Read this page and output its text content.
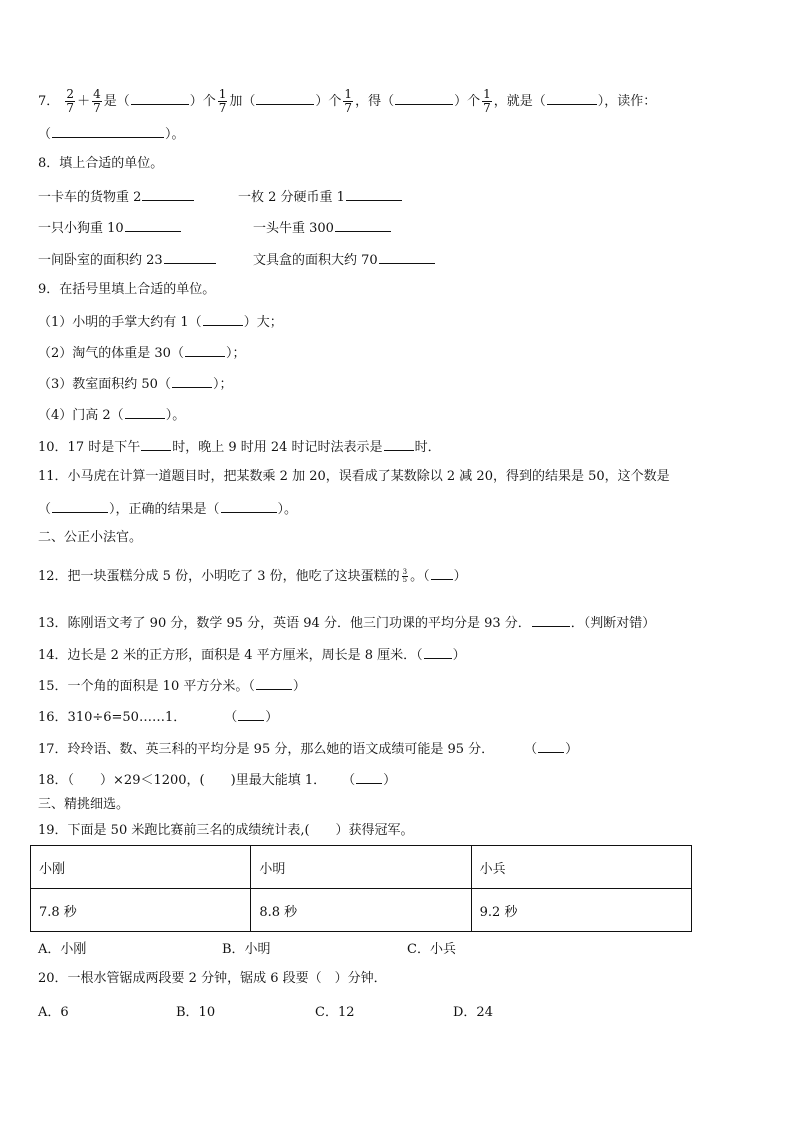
7． $\frac{2}{7} + \frac{4}{7}$ 是（	）个 $\frac{1}{7}$ 加（	）个 $\frac{1}{7}$ ，得（	）个 $\frac{1}{7}$ ，就是（	），读作：
（	）。
8．填上合适的单位。
一卡车的货物重 2	一枚 2 分硬币重 1
一只小狗重 10	一头牛重 300
一间卧室的面积约 23	文具盒的面积大约 70
9．在括号里填上合适的单位。
（1）小明的手掌大约有 1（	）大；
（2）淘气的体重是 30（	）；
（3）教室面积约 50（	）；
（4）门高 2（	）。
10．17 时是下午 时，晚上 9 时用 24 时记时法表示是 时．
11．小马虎在计算一道题目时，把某数乘 2 加 20，误看成了某数除以 2 减 20，得到的结果是 50，这个数是
（	），正确的结果是（	）。
二、公正小法官。
12．把一块蛋糕分成 5 份，小明吃了 3 份，他吃了这块蛋糕的 $\frac{3}{5}$ 。（ ）
13．陈刚语文考了 90 分，数学 95 分，英语 94 分．他三门功课的平均分是 93 分．	．（判断对错）
14．边长是 2 米的正方形，面积是 4 平方厘米，周长是 8 厘米．（ ）
15．一个角的面积是 10 平方分米。（	）
16．310÷6=50……1．	（ ）
17．玲玲语、数、英三科的平均分是 95 分，那么她的语文成绩可能是 95 分． （ ）
18．（　　）×29＜1200，(　　)里最大能填 1． （ ）
三、精挑细选。
19．下面是 50 米跑比赛前三名的成绩统计表,(　　）获得冠军。
小刚	小明	小兵
7.8 秒	8.8 秒	9.2 秒
A．小刚	B．小明	C．小兵
20．一根水管锯成两段要 2 分钟，锯成 6 段要（　）分钟．
A．6	B．10	C．12	D．24
